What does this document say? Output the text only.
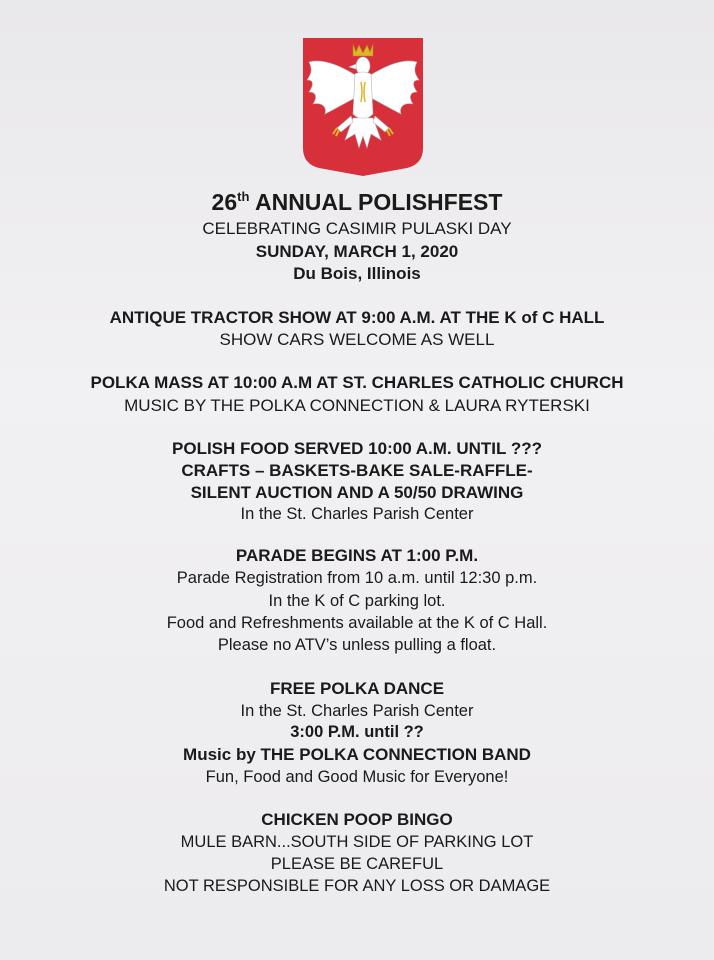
26th ANNUAL POLISHFEST
CELEBRATING CASIMIR PULASKI DAY
SUNDAY, MARCH 1, 2020
Du Bois, Illinois
ANTIQUE TRACTOR SHOW AT 9:00 A.M. AT THE K of C HALL
SHOW CARS WELCOME AS WELL
POLKA MASS AT 10:00 A.M AT ST. CHARLES CATHOLIC CHURCH
MUSIC BY THE POLKA CONNECTION & LAURA RYTERSKI
POLISH FOOD SERVED 10:00 A.M. UNTIL ???
CRAFTS – BASKETS-BAKE SALE-RAFFLE-
SILENT AUCTION AND A 50/50 DRAWING
In the St. Charles Parish Center
PARADE BEGINS AT 1:00 P.M.
Parade Registration from 10 a.m. until 12:30 p.m.
In the K of C parking lot.
Food and Refreshments available at the K of C Hall.
Please no ATV’s unless pulling a float.
FREE POLKA DANCE
In the St. Charles Parish Center
3:00 P.M. until ??
Music by THE POLKA CONNECTION BAND
Fun, Food and Good Music for Everyone!
CHICKEN POOP BINGO
MULE BARN...SOUTH SIDE OF PARKING LOT
PLEASE BE CAREFUL
NOT RESPONSIBLE FOR ANY LOSS OR DAMAGE
